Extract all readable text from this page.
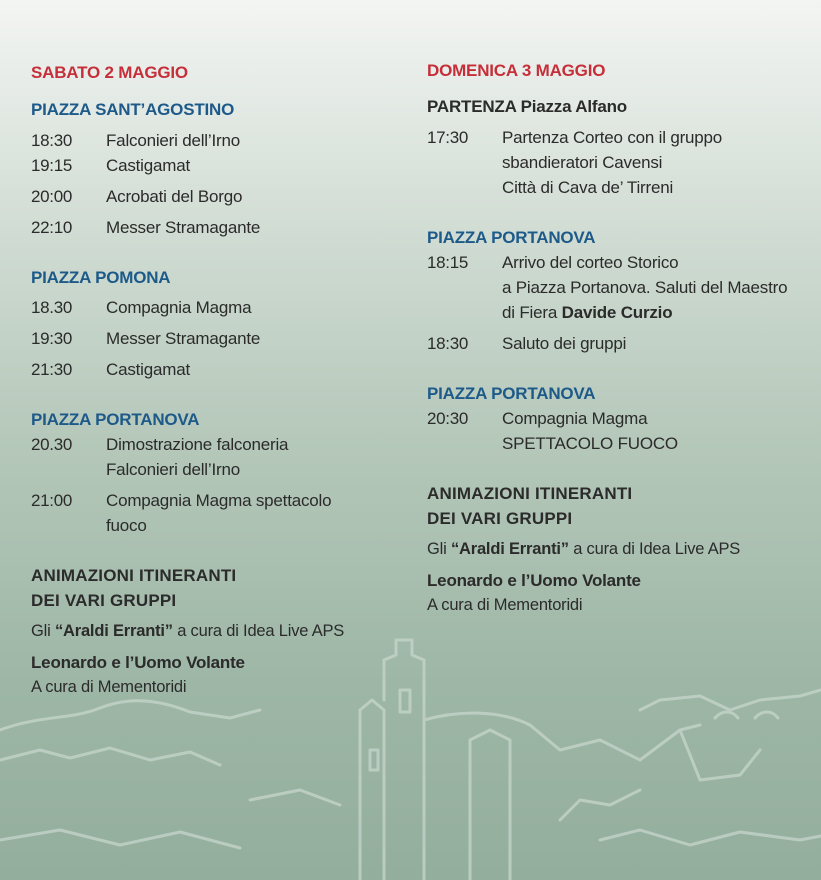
SABATO 2 MAGGIO
PIAZZA SANT’AGOSTINO
18:30 Falconieri dell’Irno
19:15 Castigamat
20:00 Acrobati del Borgo
22:10 Messer Stramagante
PIAZZA POMONA
18.30 Compagnia Magma
19:30 Messer Stramagante
21:30 Castigamat
PIAZZA PORTANOVA
20.30 Dimostrazione falconeria
Falconieri dell’Irno
21:00 Compagnia Magma spettacolo
fuoco
ANIMAZIONI ITINERANTI
DEI VARI GRUPPI
Gli “Araldi Erranti” a cura di Idea Live APS
Leonardo e l’Uomo Volante
A cura di Mementoridi
DOMENICA 3 MAGGIO
PARTENZA Piazza Alfano
17:30 Partenza Corteo con il gruppo
sbandieratori Cavensi
Città di Cava de’ Tirreni
PIAZZA PORTANOVA
18:15 Arrivo del corteo Storico
a Piazza Portanova. Saluti del Maestro
di Fiera Davide Curzio
18:30 Saluto dei gruppi
PIAZZA PORTANOVA
20:30 Compagnia Magma
SPETTACOLO FUOCO
ANIMAZIONI ITINERANTI
DEI VARI GRUPPI
Gli “Araldi Erranti” a cura di Idea Live APS
Leonardo e l’Uomo Volante
A cura di Mementoridi
